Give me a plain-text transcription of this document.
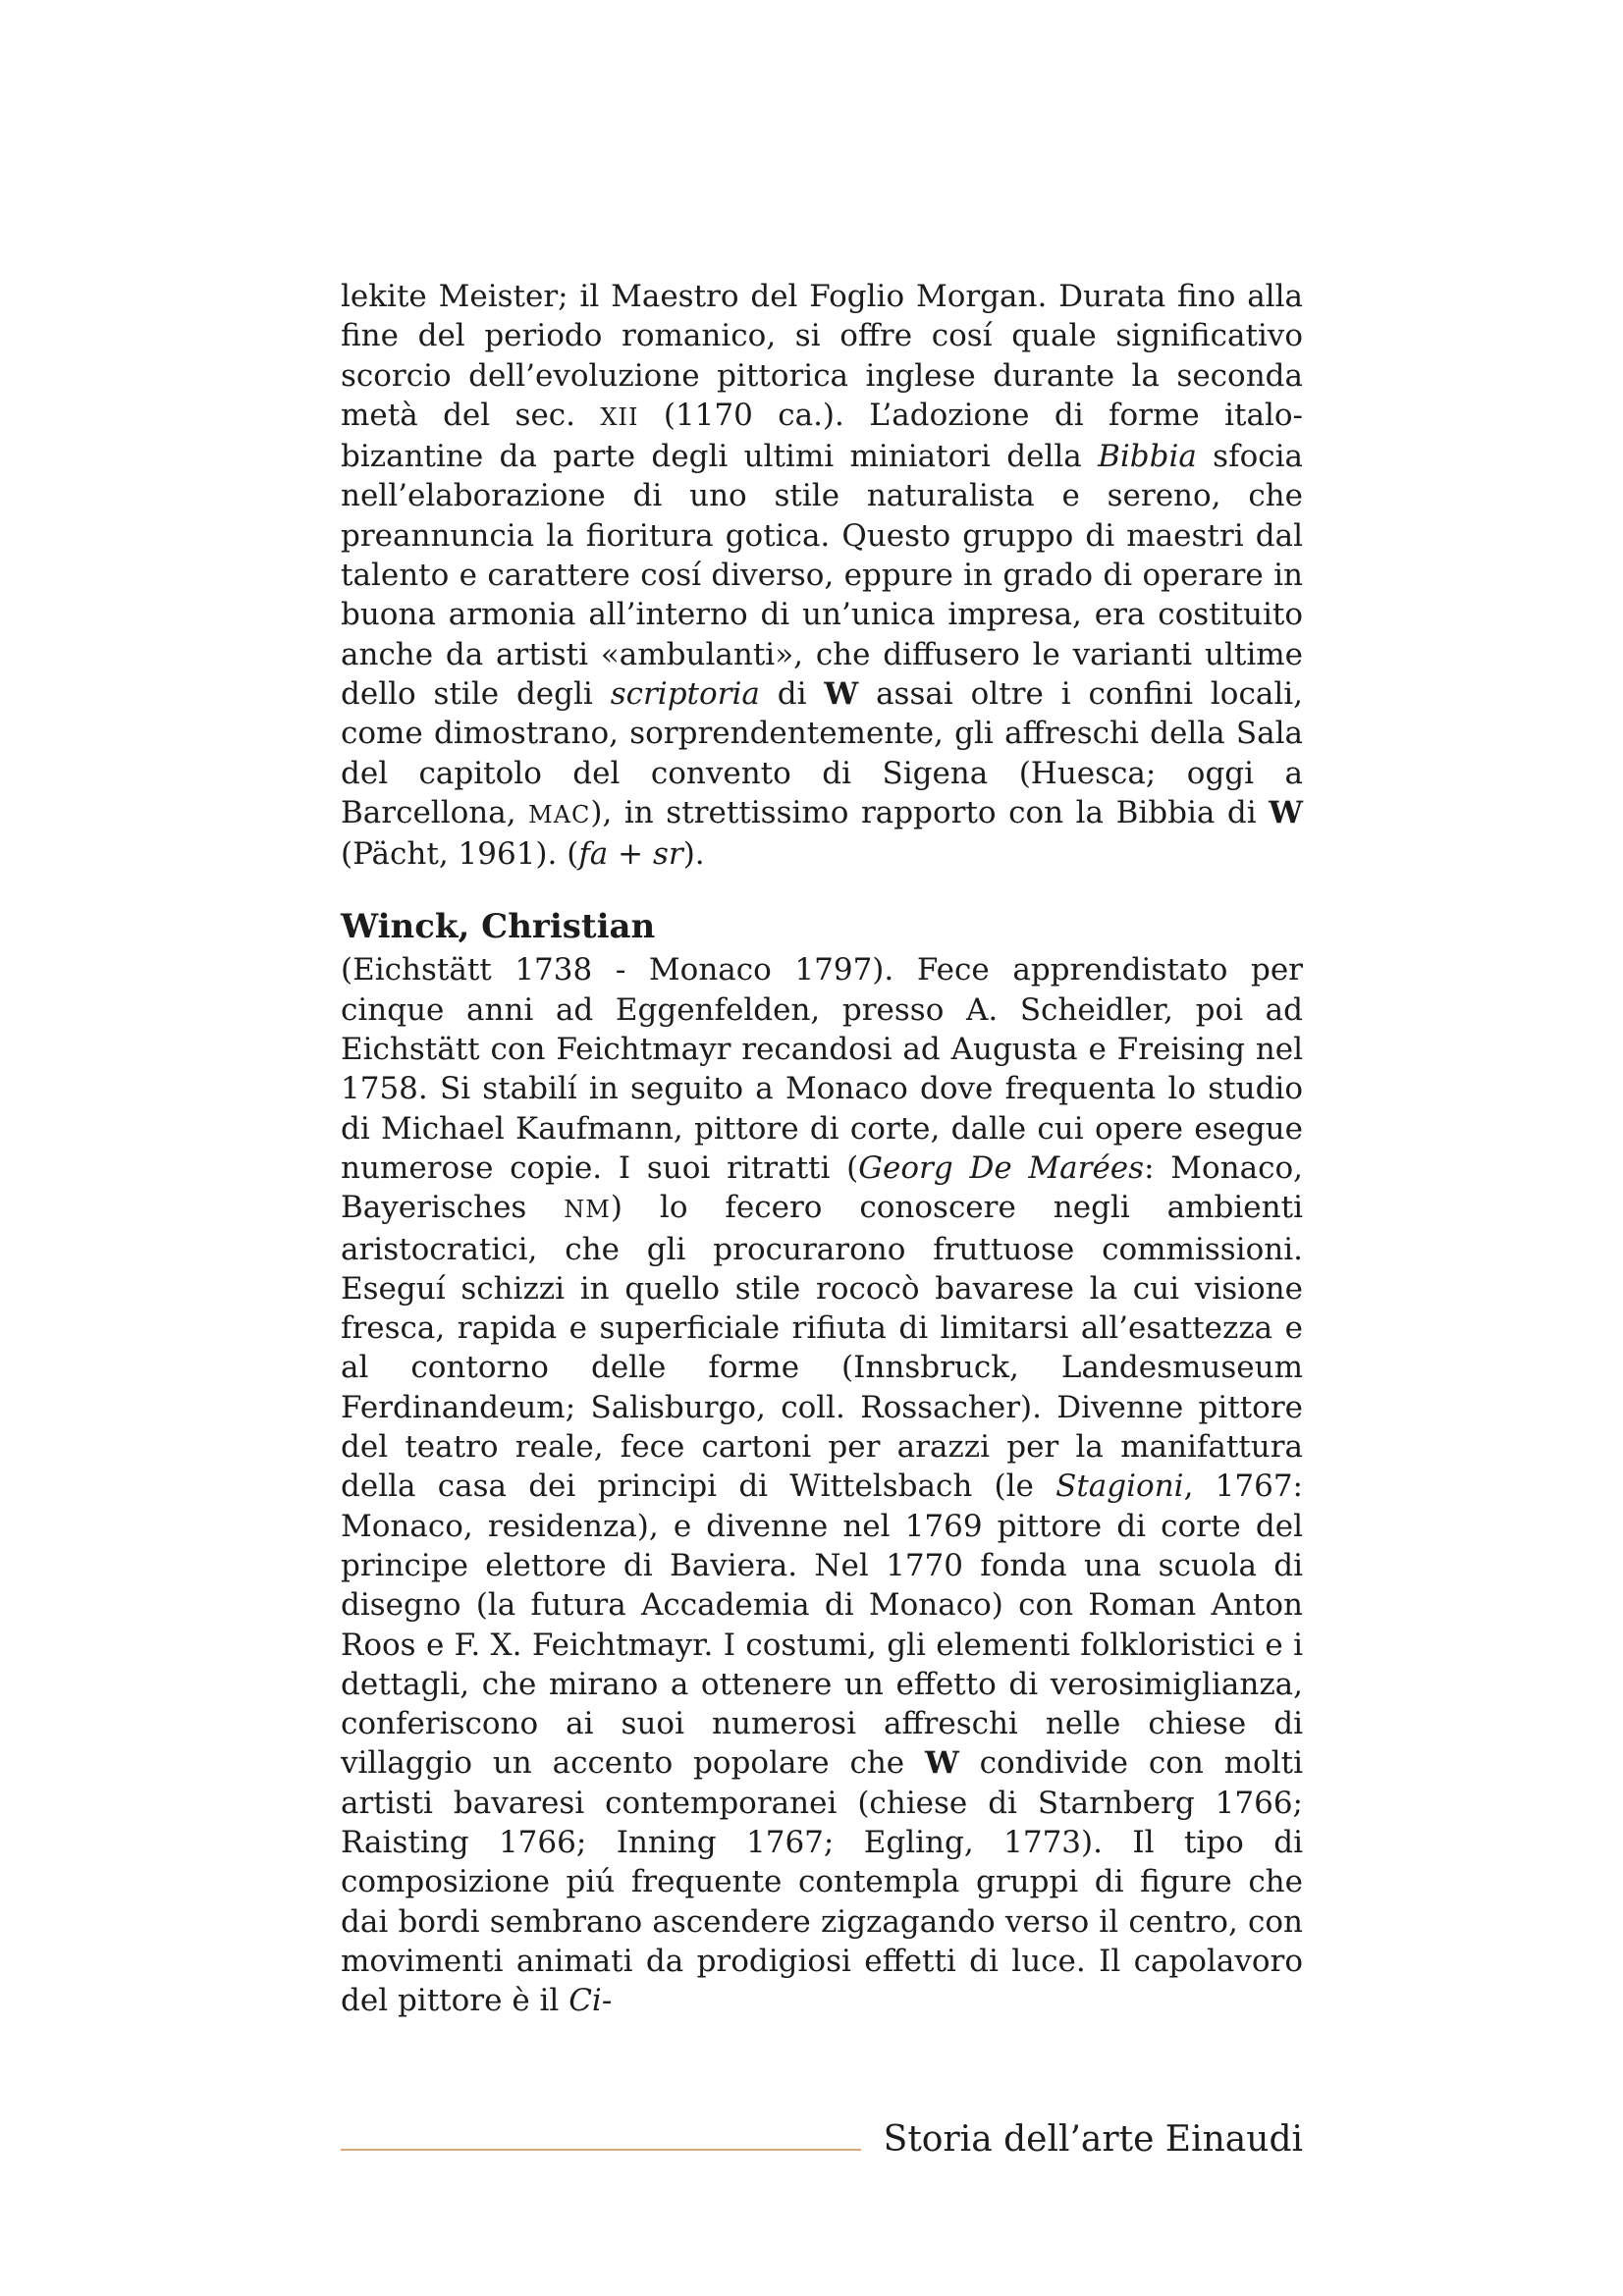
lekite Meister; il Maestro del Foglio Morgan. Durata fino alla fine del periodo romanico, si offre cosí quale significativo scorcio dell’evoluzione pittorica inglese durante la seconda metà del sec. XII (1170 ca.). L’adozione di forme italo-bizantine da parte degli ultimi miniatori della Bibbia sfocia nell’elaborazione di uno stile naturalista e sereno, che preannuncia la fioritura gotica. Questo gruppo di maestri dal talento e carattere cosí diverso, eppure in grado di operare in buona armonia all’interno di un’unica impresa, era costituito anche da artisti «ambulanti», che diffusero le varianti ultime dello stile degli scriptoria di W assai oltre i confini locali, come dimostrano, sorprendentemente, gli affreschi della Sala del capitolo del convento di Sigena (Huesca; oggi a Barcellona, MAC), in strettissimo rapporto con la Bibbia di W (Pächt, 1961). (fa + sr).

Winck, Christian

(Eichstätt 1738 - Monaco 1797). Fece apprendistato per cinque anni ad Eggenfelden, presso A. Scheidler, poi ad Eichstätt con Feichtmayr recandosi ad Augusta e Freising nel 1758. Si stabilí in seguito a Monaco dove frequenta lo studio di Michael Kaufmann, pittore di corte, dalle cui opere esegue numerose copie. I suoi ritratti (Georg De Marées: Monaco, Bayerisches NM) lo fecero conoscere negli ambienti aristocratici, che gli procurarono fruttuose commissioni. Eseguí schizzi in quello stile rococò bavarese la cui visione fresca, rapida e superficiale rifiuta di limitarsi all’esattezza e al contorno delle forme (Innsbruck, Landesmuseum Ferdinandeum; Salisburgo, coll. Rossacher). Divenne pittore del teatro reale, fece cartoni per arazzi per la manifattura della casa dei principi di Wittelsbach (le Stagioni, 1767: Monaco, residenza), e divenne nel 1769 pittore di corte del principe elettore di Baviera. Nel 1770 fonda una scuola di disegno (la futura Accademia di Monaco) con Roman Anton Roos e F. X. Feichtmayr. I costumi, gli elementi folkloristici e i dettagli, che mirano a ottenere un effetto di verosimiglianza, conferiscono ai suoi numerosi affreschi nelle chiese di villaggio un accento popolare che W condivide con molti artisti bavaresi contemporanei (chiese di Starnberg 1766; Raisting 1766; Inning 1767; Egling, 1773). Il tipo di composizione piú frequente contempla gruppi di figure che dai bordi sembrano ascendere zigzagando verso il centro, con movimenti animati da prodigiosi effetti di luce. Il capolavoro del pittore è il Ci-

Storia dell’arte Einaudi
